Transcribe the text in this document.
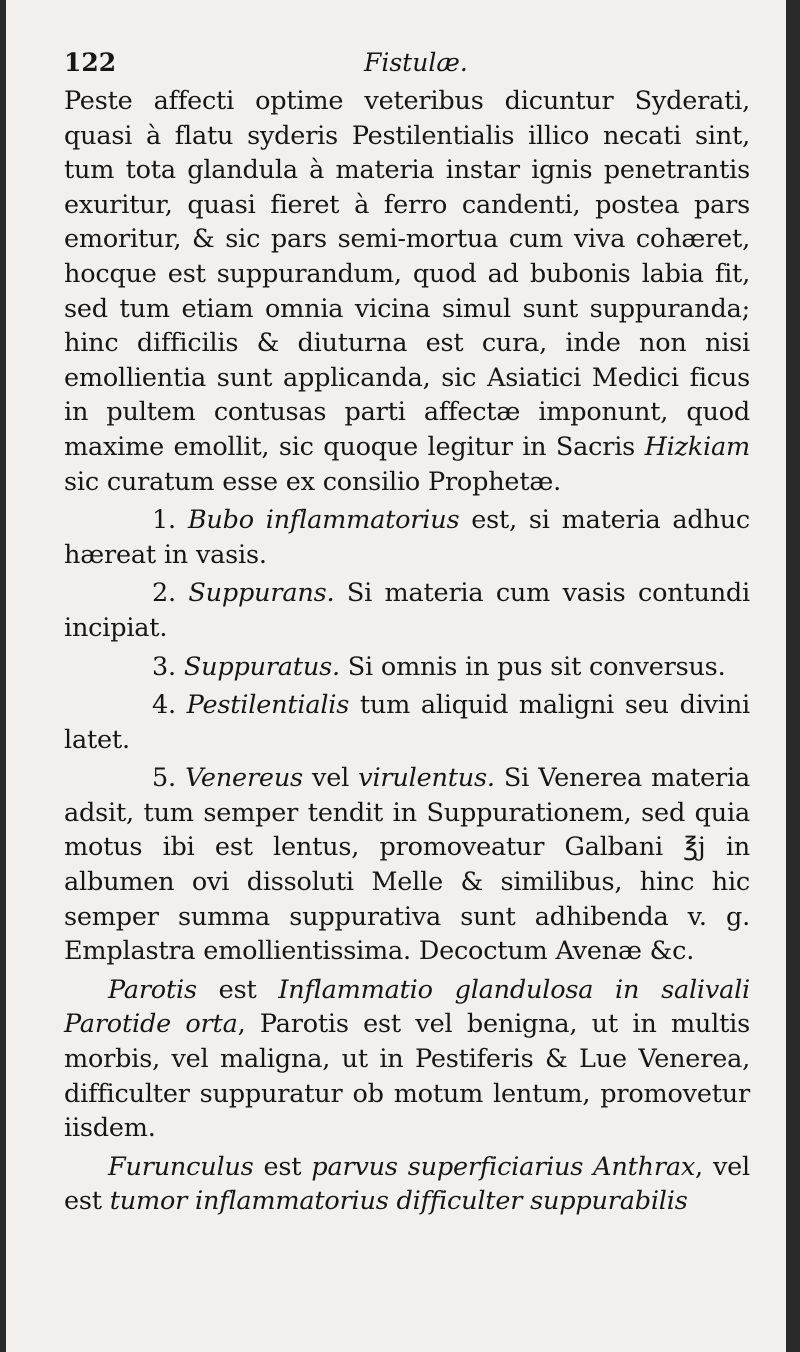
122	Fistulæ.

Peste affecti optime veteribus dicuntur Syderati, quasi à flatu syderis Pestilentialis illico necati sint, tum tota glandula à materia instar ignis penetrantis exuritur, quasi fieret à ferro candenti, postea pars emoritur, & sic pars semi-mortua cum viva cohæret, hocque est suppurandum, quod ad bubonis labia fit, sed tum etiam omnia vicina simul sunt suppuranda; hinc difficilis & diuturna est cura, inde non nisi emollientia sunt applicanda, sic Asiatici Medici ficus in pultem contusas parti affectæ imponunt, quod maxime emollit, sic quoque legitur in Sacris Hizkiam sic curatum esse ex consilio Prophetæ.

1. Bubo inflammatorius est, si materia adhuc hæreat in vasis.

2. Suppurans. Si materia cum vasis contundi incipiat.

3. Suppuratus. Si omnis in pus sit conversus.

4. Pestilentialis tum aliquid maligni seu divini latet.

5. Venereus vel virulentus. Si Venerea materia adsit, tum semper tendit in Suppurationem, sed quia motus ibi est lentus, promoveatur Galbani ℥j in albumen ovi dissoluti Melle & similibus, hinc hic semper summa suppurativa sunt adhibenda v. g. Emplastra emollientissima. Decoctum Avenæ &c.

Parotis est Inflammatio glandulosa in salivali Parotide orta, Parotis est vel benigna, ut in multis morbis, vel maligna, ut in Pestiferis & Lue Venerea, difficulter suppuratur ob motum lentum, promovetur iisdem.

Furunculus est parvus superficiarius Anthrax, vel est tumor inflammatorius difficulter suppurabilis
